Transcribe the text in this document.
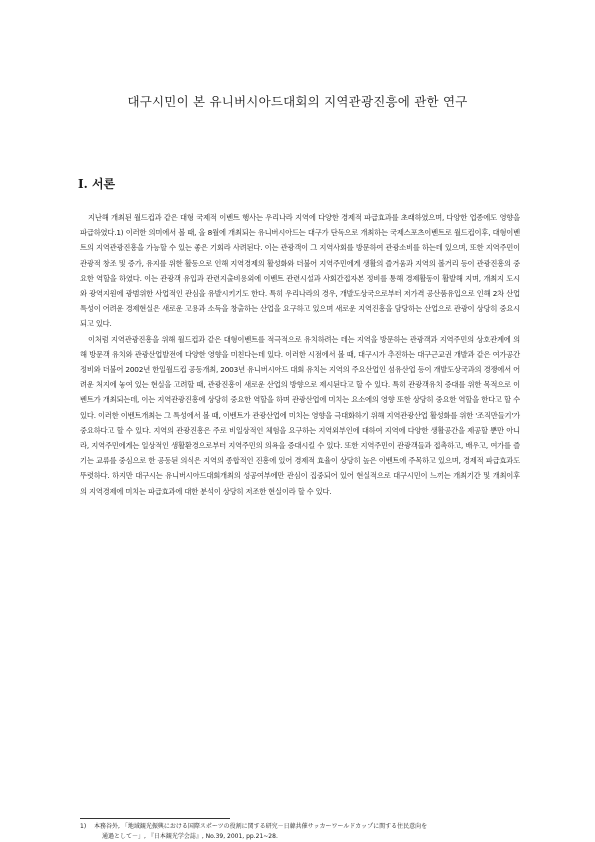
대구시민이 본 유니버시아드대회의 지역관광진흥에 관한 연구
Ⅰ. 서론

지난해 개최된 월드컵과 같은 대형 국제적 이벤트 행사는 우리나라 지역에 다양한 경제적 파급효과를 초래하였으며, 다양한 업종에도 영향을 파급하였다.1) 이러한 의미에서 볼 때, 올 8월에 개최되는 유니버시아드는 대구가 단독으로 개최하는 국제스포츠이벤트로 월드컵이후, 대형이벤트의 지역관광진흥을 가능할 수 있는 좋은 기회라 사려된다. 이는 관광객이 그 지역사회를 방문하여 관광소비를 하는데 있으며, 또한 지역주민이 관광적 창조 및 증가, 유지를 위한 활동으로 인해 지역경제의 활성화와 더불어 지역주민에게 생활의 즐거움과 지역의 볼거리 등이 관광진흥의 중요한 역할을 하였다. 이는 관광객 유입과 관련지출비용외에 이벤트 관련시설과 사회간접자본 정비를 통해 경제활동이 활발해 지며, 개최지 도시와 광역지원에 광범위한 사업적인 관심을 유발시키기도 한다. 특히 우리나라의 경우, 개발도상국으로부터 저가격 공산품유입으로 인해 2차 산업특성이 어려운 경제현실은 새로운 고용과 소득을 창출하는 산업을 요구하고 있으며 새로운 지역진흥을 담당하는 산업으로 관광이 상당히 중요시되고 있다.

이처럼 지역관광진흥을 위해 월드컵과 같은 대형이벤트를 적극적으로 유치하려는 데는 지역을 방문하는 관광객과 지역주민의 상호관계에 의해 방문객 유치와 관광산업발전에 다양한 영향을 미친다는데 있다. 이러한 시점에서 볼 때, 대구시가 추진하는 대구근교권 개발과 같은 여가공간 정비와 더불어 2002년 한일월드컵 공동개최, 2003년 유니버시아드 대회 유치는 지역의 주요산업인 섬유산업 등이 개발도상국과의 경쟁에서 어려운 처지에 놓여 있는 현실을 고려할 때, 관광진흥이 새로운 산업의 방향으로 제시된다고 할 수 있다. 특히 관광객유치 증대를 위한 목적으로 이벤트가 개최되는데, 이는 지역관광진흥에 상당히 중요한 역할을 하며 관광산업에 미치는 요소에의 영향 또한 상당히 중요한 역할을 한다고 할 수 있다. 이러한 이벤트개최는 그 특성에서 볼 때, 이벤트가 관광산업에 미치는 영향을 극대화하기 위해 지역관광산업 활성화를 위한 '조직만들기'가 중요하다고 할 수 있다. 지역의 관광진흥은 주로 비일상적인 체험을 요구하는 지역외부인에 대하여 지역에 다양한 생활공간을 제공할 뿐만 아니라, 지역주민에게는 일상적인 생활환경으로부터 지역주민의 의욕을 증대시킬 수 있다. 또한 지역주민이 관광객들과 접촉하고, 배우고, 여가를 즐기는 교류를 중심으로 한 공동된 의식은 지역의 종합적인 진흥에 있어 경제적 효율이 상당히 높은 이벤트에 주목하고 있으며, 경제적 파급효과도 뚜렷하다. 하지만 대구시는 유니버시아드대회개최의 성공여부에만 관심이 집중되어 있어 현실적으로 대구시민이 느끼는 개최기간 및 개최이후의 지역경제에 미치는 파급효과에 대한 분석이 상당히 저조한 현실이라 할 수 있다.

1) 本務谷外, 「地域観光振興における国際スポーツの役割に関する研究－日韓共催サッカーワールドカップに関する住民意向を
通過として－」, 『日本観光学会誌』, No.39, 2001, pp.21~28.
